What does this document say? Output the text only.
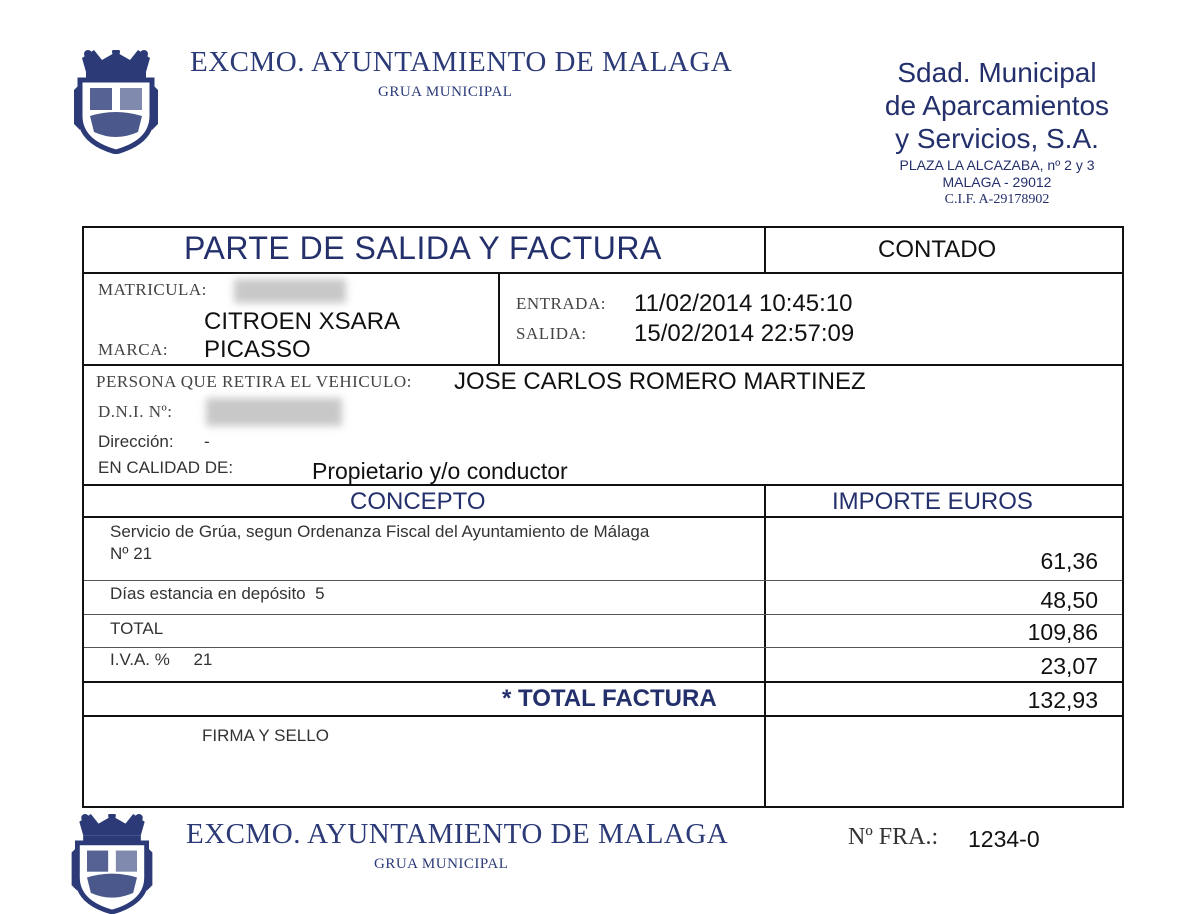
EXCMO. AYUNTAMIENTO DE MALAGA
GRUA MUNICIPAL
Sdad. Municipal
de Aparcamientos
y Servicios, S.A.
PLAZA LA ALCAZABA, nº 2 y 3
MALAGA - 29012
C.I.F. A-29178902
PARTE DE SALIDA Y FACTURA	CONTADO
MATRICULA:
CITROEN XSARA
MARCA: PICASSO
ENTRADA: 11/02/2014 10:45:10
SALIDA: 15/02/2014 22:57:09
PERSONA QUE RETIRA EL VEHICULO: JOSE CARLOS ROMERO MARTINEZ
D.N.I. Nº:
Dirección: -
EN CALIDAD DE:	Propietario y/o conductor
CONCEPTO	IMPORTE EUROS
Servicio de Grúa, segun Ordenanza Fiscal del Ayuntamiento de Málaga
Nº 21	61,36
Días estancia en depósito  5	48,50
TOTAL	109,86
I.V.A. %     21	23,07
* TOTAL FACTURA	132,93
FIRMA Y SELLO
EXCMO. AYUNTAMIENTO DE MALAGA
GRUA MUNICIPAL
Nº FRA.: 1234-0
